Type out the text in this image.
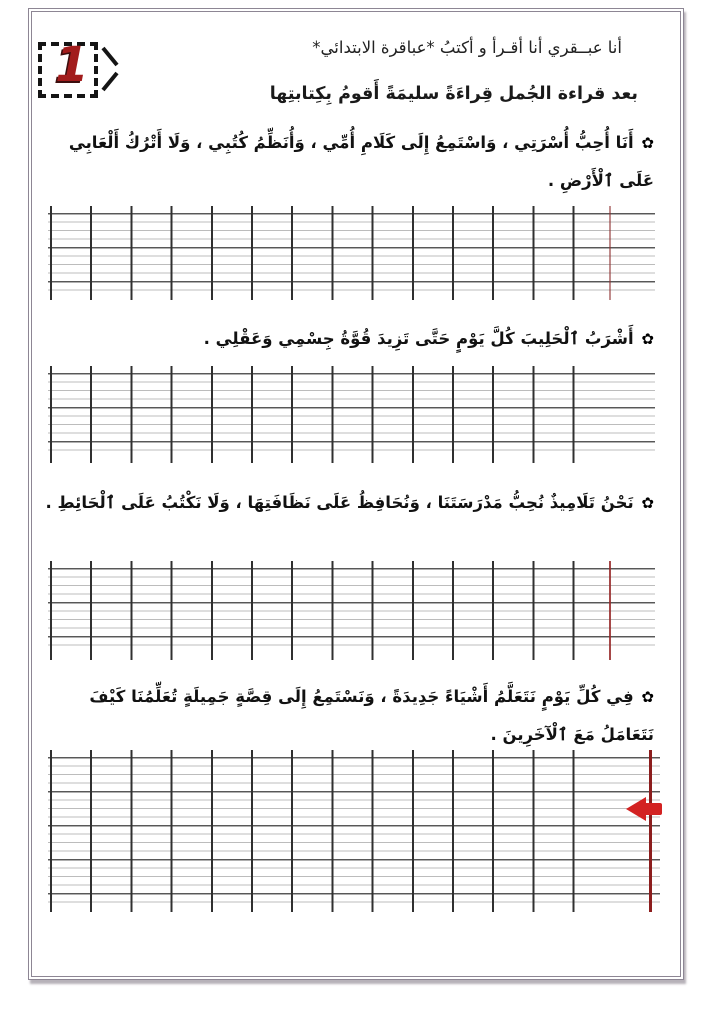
1	أنا عبــقري أنا أقـرأ و أكتبُ *عباقرة الابتدائي*
بعد قراءة الجُمل قِراءَةً سليمَةً أَقومُ بِكِتابتِها
✿ أَنَا أُحِبُّ أُسْرَتِي ، وَاسْتَمِعُ إِلَى كَلَامِ أُمِّي ، وَأُنَظِّمُ كُتُبِي ، وَلَا أَتْرُكُ أَلْعَابِي عَلَى ٱلْأَرْضِ .
✿ أَشْرَبُ ٱلْحَلِيبَ كُلَّ يَوْمٍ حَتَّى تَزِيدَ قُوَّةُ جِسْمِي وَعَقْلِي .
✿ نَحْنُ تَلَامِيذٌ نُحِبُّ مَدْرَسَتَنَا ، وَنُحَافِظُ عَلَى نَظَافَتِهَا ، وَلَا نَكْتُبُ عَلَى ٱلْحَائِطِ .
✿ فِي كُلِّ يَوْمٍ نَتَعَلَّمُ أَشْيَاءً جَدِيدَةً ، وَنَسْتَمِعُ إِلَى قِصَّةٍ جَمِيلَةٍ تُعَلِّمُنَا كَيْفَ نَتَعَامَلُ مَعَ ٱلْآخَرِينَ .
